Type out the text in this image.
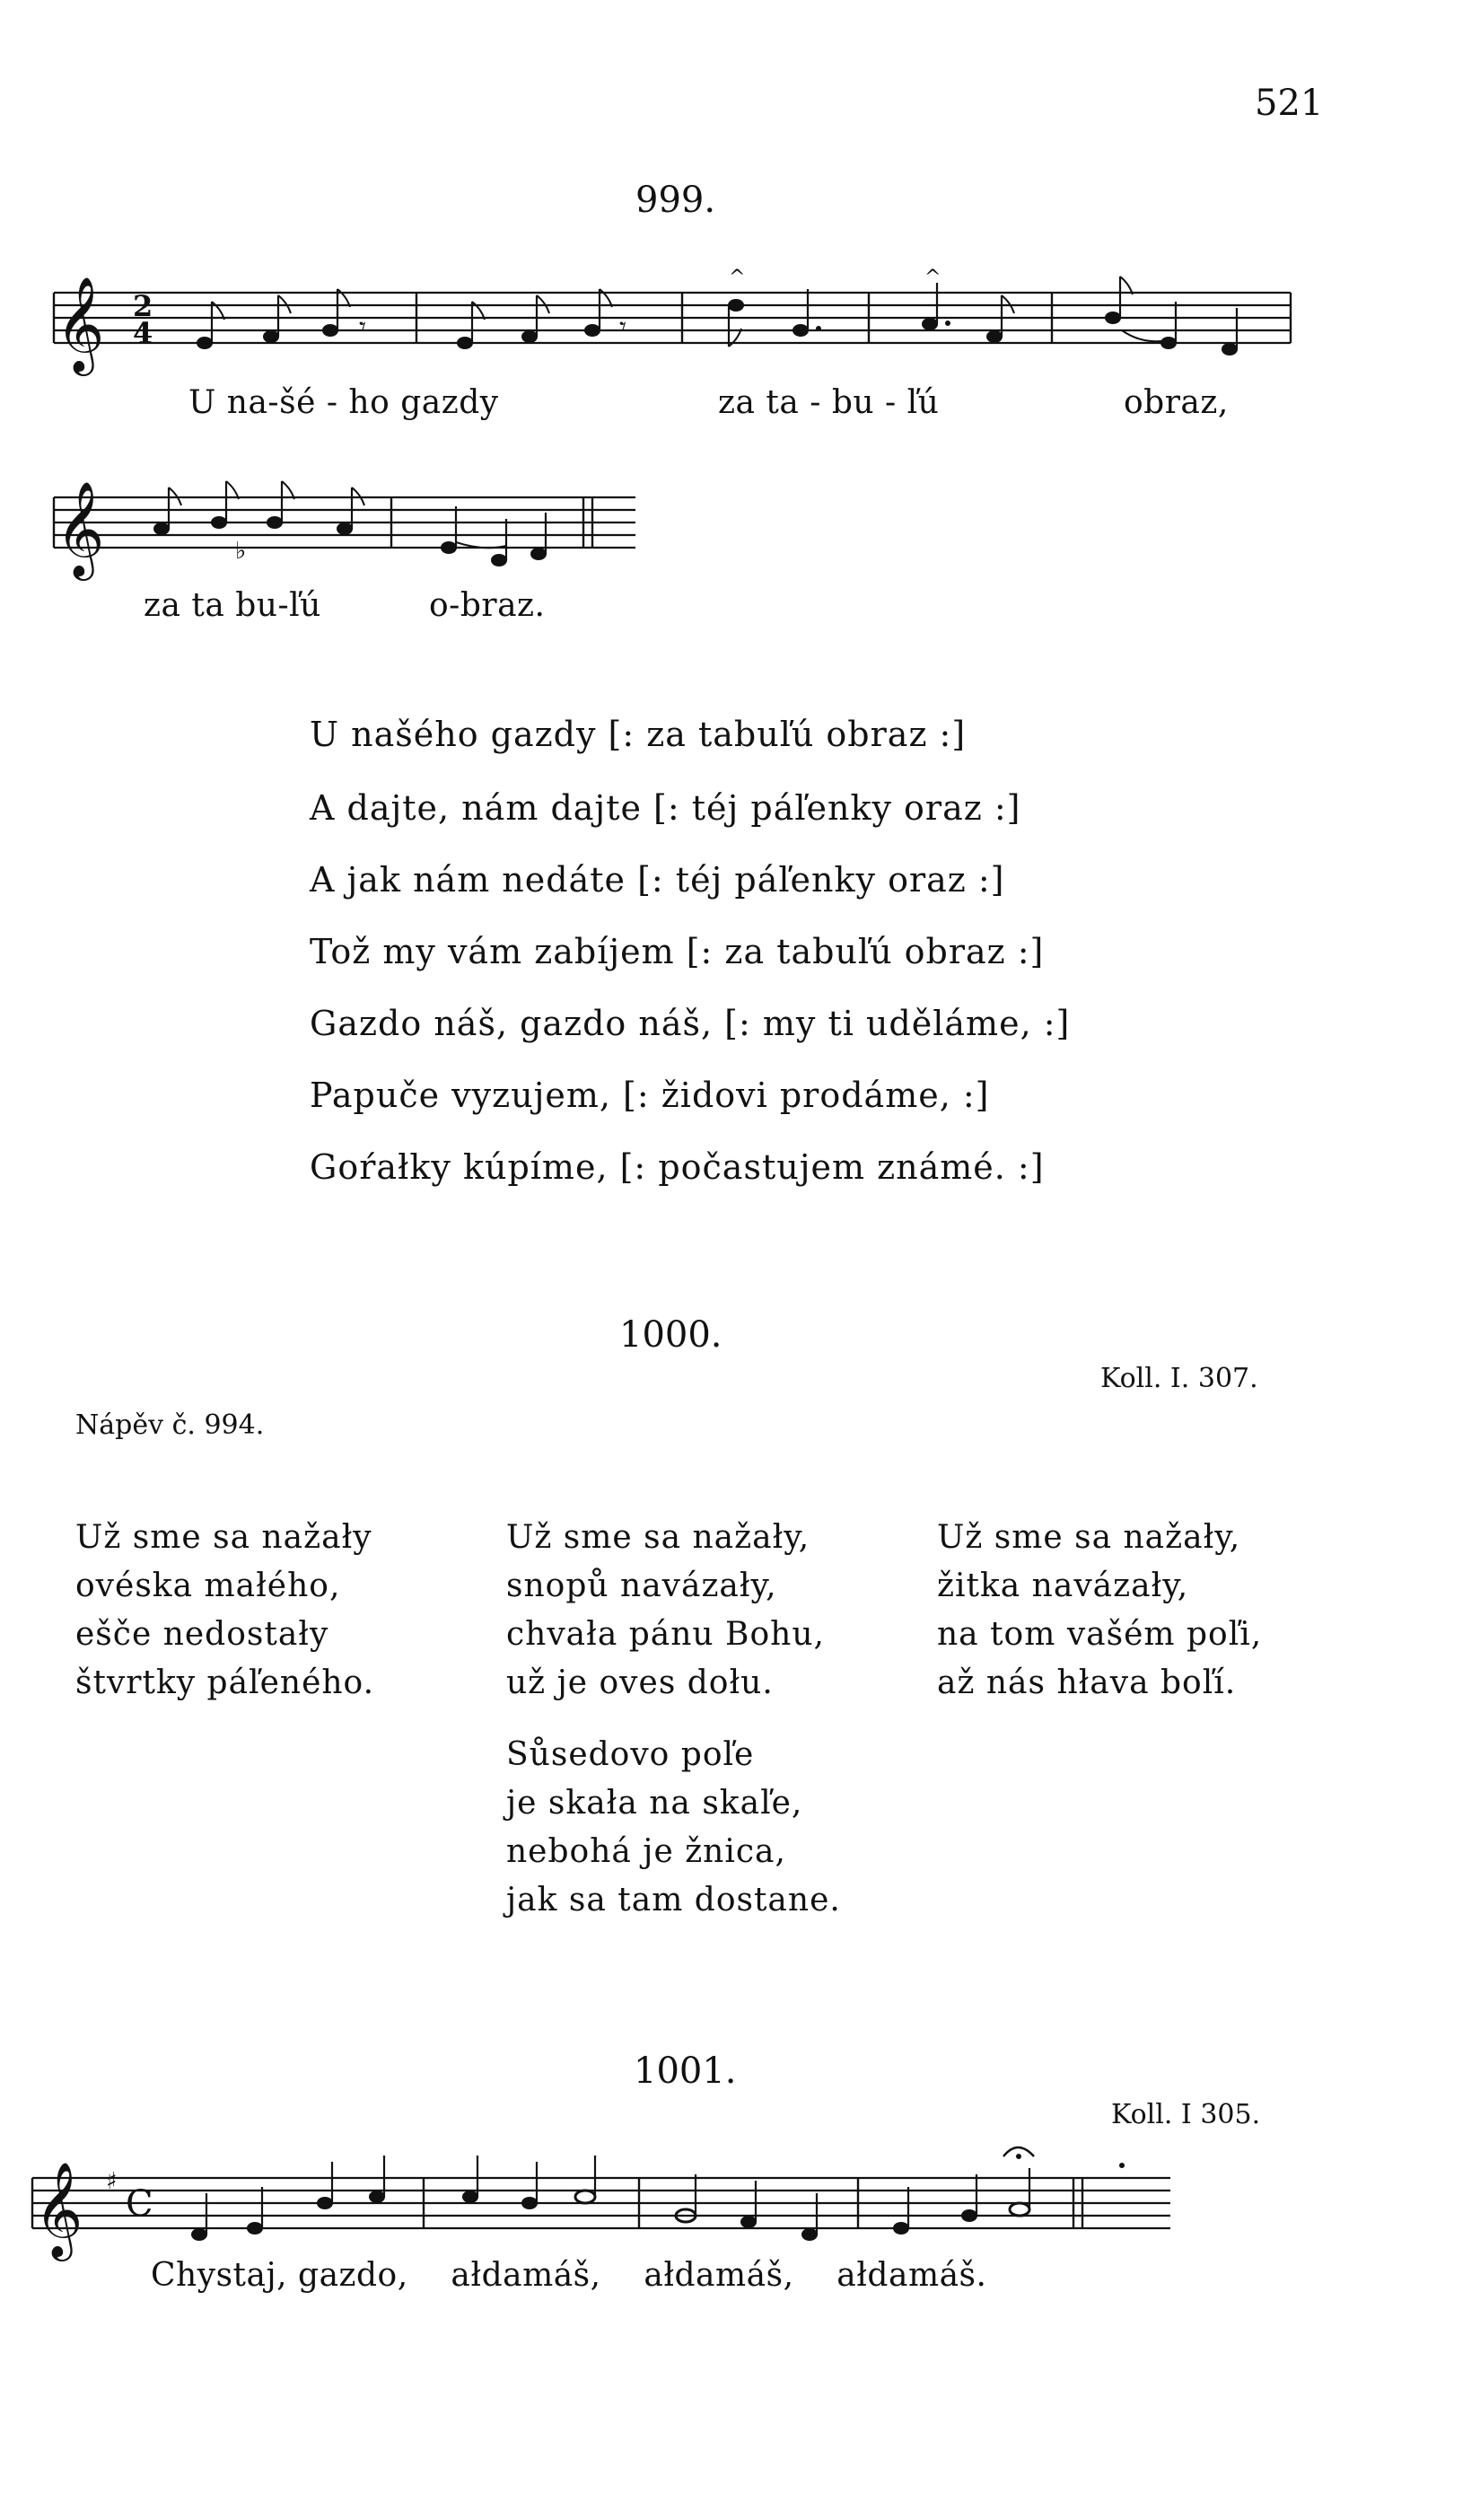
521
999.
𝄞 2
4	𝄾	𝄾
^	^
U na-šé - ho gazdy	za ta - bu - ľú	obraz,
𝄞	♭
za ta bu-ľú	o-braz.
U našého gazdy [: za tabuľú obraz :]
A dajte, nám dajte [: téj páľenky oraz :]
A jak nám nedáte [: téj páľenky oraz :]
Tož my vám zabíjem [: za tabuľú obraz :]
Gazdo náš, gazdo náš, [: my ti uděláme, :]
Papuče vyzujem, [: židovi prodáme, :]
Goŕałky kúpíme, [: počastujem známé. :]
1000.
Koll. I. 307.
Nápěv č. 994.
Už sme sa nažały
ovéska małého,
ešče nedostały
štvrtky páľeného.
Už sme sa nažały,
snopů navázały,
chvała pánu Bohu,
už je oves dołu.
Sůsedovo poľe
je skała na skaľe,
nebohá je žnica,
jak sa tam dostane.
Už sme sa nažały,
žitka navázały,
na tom vašém poľi,
až nás hłava boľí.
1001.
Koll. I 305.
𝄞 ♯
C
Chystaj, gazdo,    ałdamáš,    ałdamáš,    ałdamáš.
